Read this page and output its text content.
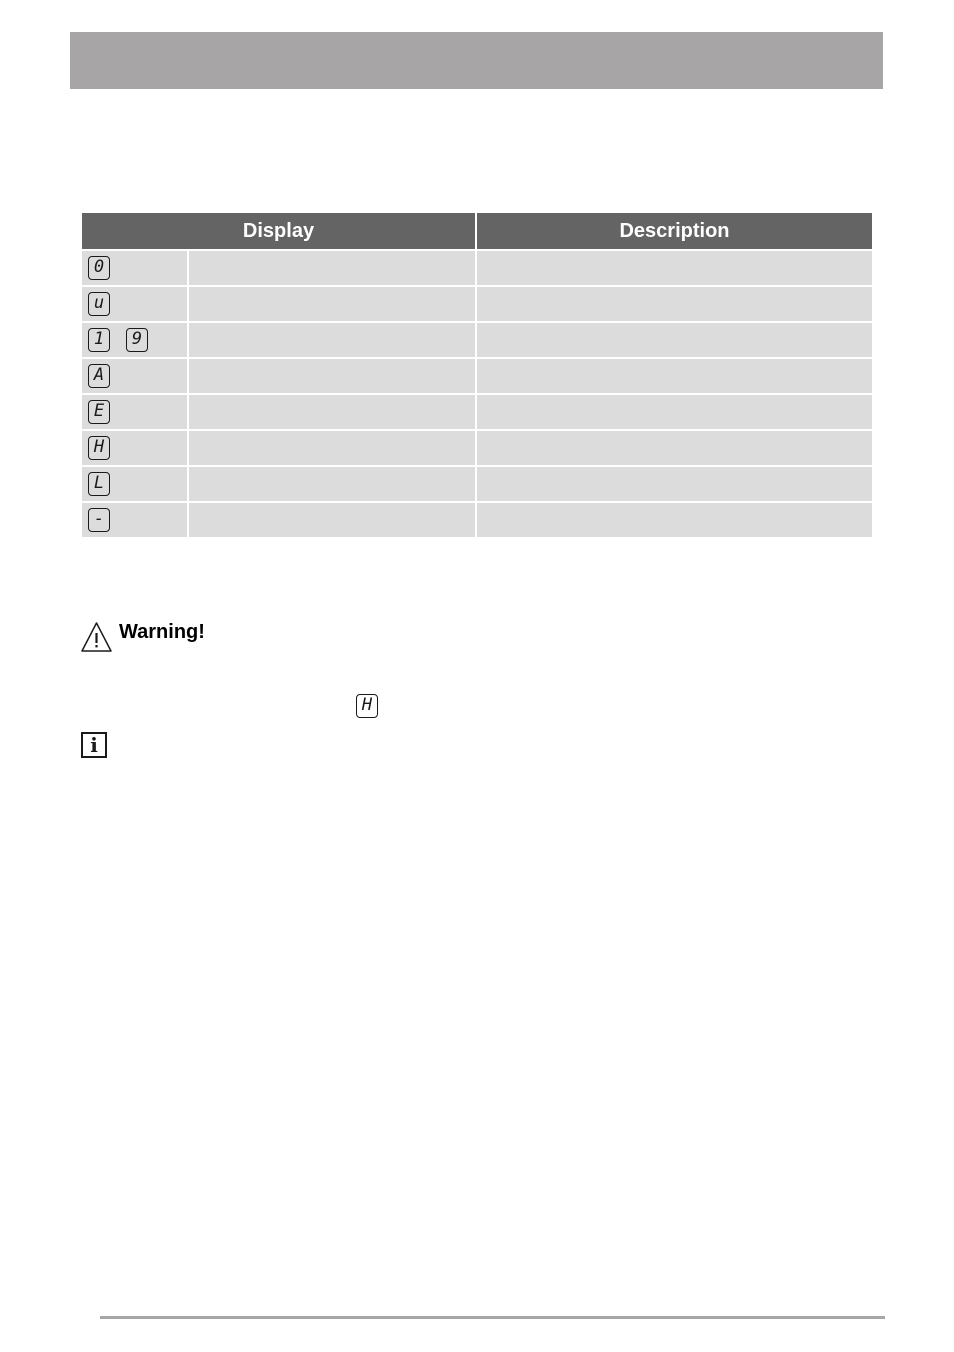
Display		Description

0		

u		

1 9		

A		

E		

H		

L		

-		

Warning!
H
i
